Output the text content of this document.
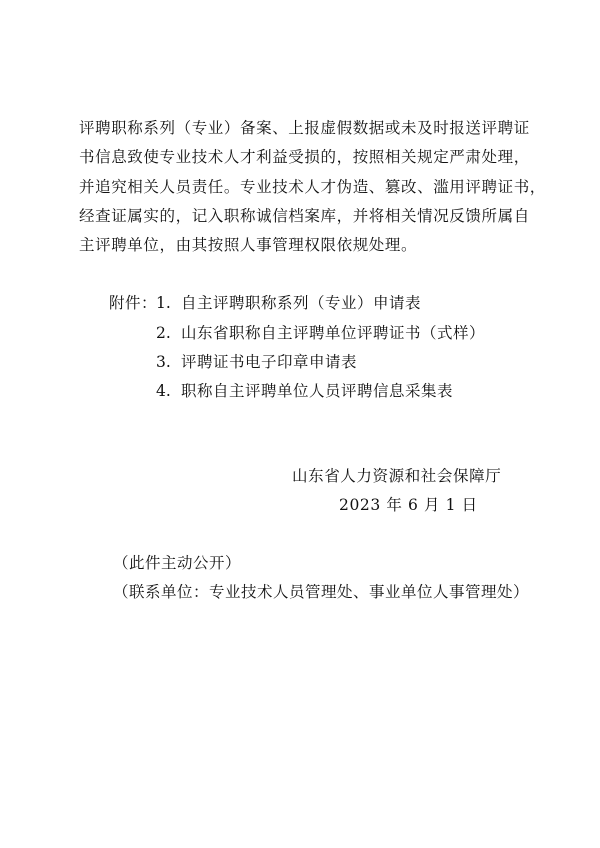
评聘职称系列（专业）备案、上报虚假数据或未及时报送评聘证
书信息致使专业技术人才利益受损的，按照相关规定严肃处理，
并追究相关人员责任。专业技术人才伪造、篡改、滥用评聘证书，
经查证属实的，记入职称诚信档案库，并将相关情况反馈所属自
主评聘单位，由其按照人事管理权限依规处理。
附件：
1. 自主评聘职称系列（专业）申请表
2. 山东省职称自主评聘单位评聘证书（式样）
3. 评聘证书电子印章申请表
4. 职称自主评聘单位人员评聘信息采集表
山东省人力资源和社会保障厅
2023 年 6 月 1 日
（此件主动公开）
（联系单位：专业技术人员管理处、事业单位人事管理处）
